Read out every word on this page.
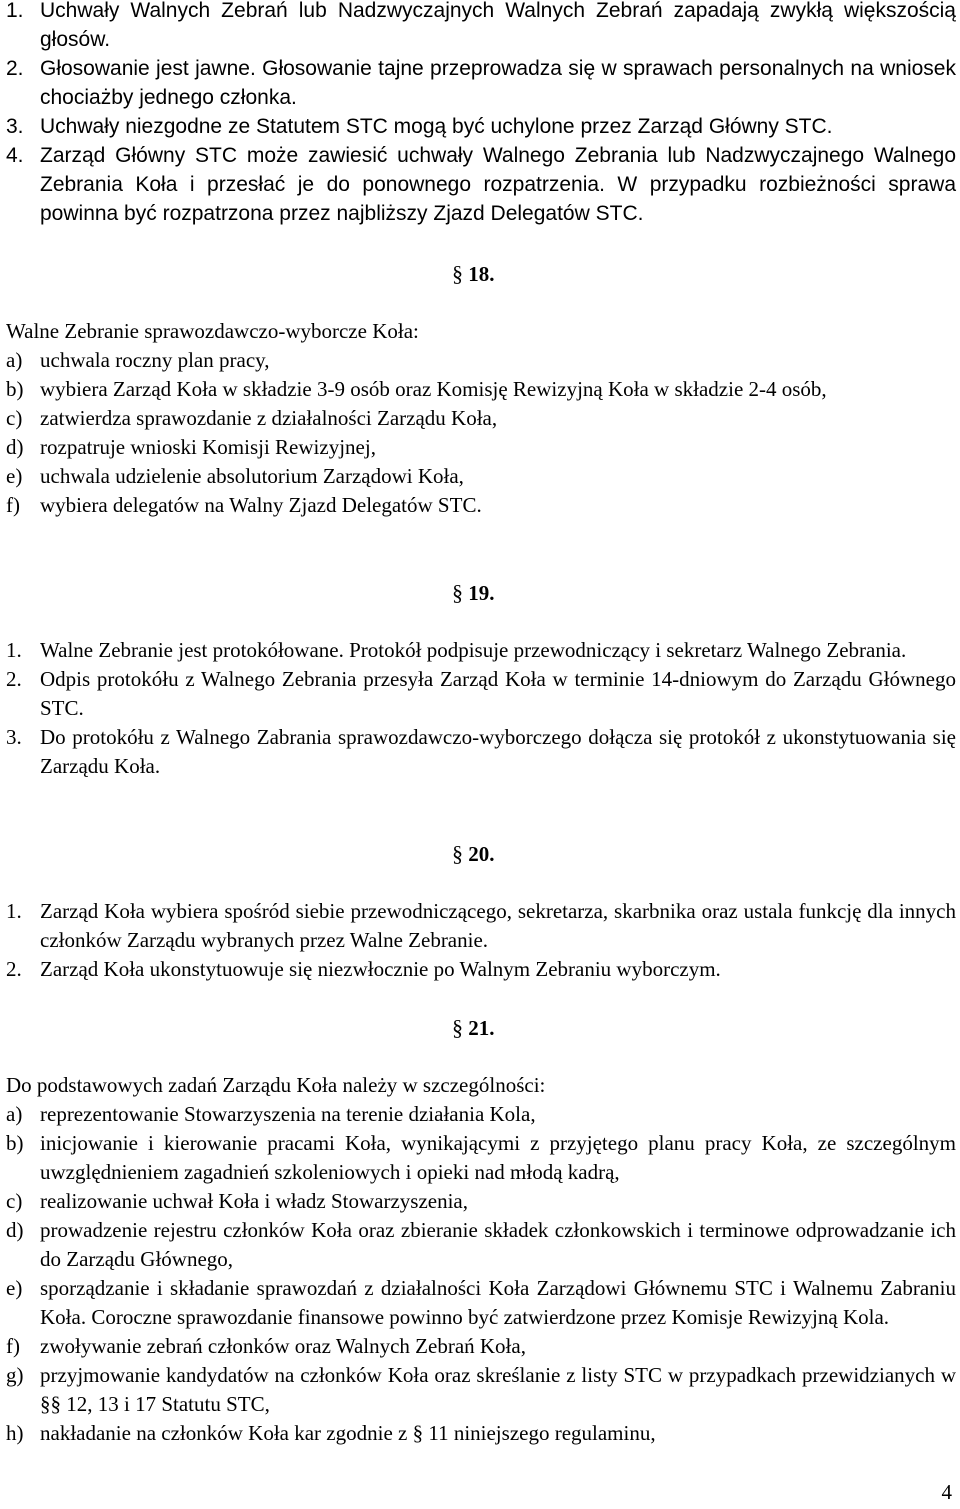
1. Uchwały Walnych Zebrań lub Nadzwyczajnych Walnych Zebrań zapadają zwykłą większością głosów.

2. Głosowanie jest jawne. Głosowanie tajne przeprowadza się w sprawach personalnych na wniosek chociażby jednego członka.

3. Uchwały niezgodne ze Statutem STC mogą być uchylone przez Zarząd Główny STC.

4. Zarząd Główny STC może zawiesić uchwały Walnego Zebrania lub Nadzwyczajnego Walnego Zebrania Koła i przesłać je do ponownego rozpatrzenia. W przypadku rozbieżności sprawa powinna być rozpatrzona przez najbliższy Zjazd Delegatów STC.

§ 18.

Walne Zebranie sprawozdawczo-wyborcze Koła:

a) uchwala roczny plan pracy,

b) wybiera Zarząd Koła w składzie 3-9 osób oraz Komisję Rewizyjną Koła w składzie 2-4 osób,

c) zatwierdza sprawozdanie z działalności Zarządu Koła,

d) rozpatruje wnioski Komisji Rewizyjnej,

e) uchwala udzielenie absolutorium Zarządowi Koła,

f) wybiera delegatów na Walny Zjazd Delegatów STC.

§ 19.

1. Walne Zebranie jest protokółowane. Protokół podpisuje przewodniczący i sekretarz Walnego Zebrania.

2. Odpis protokółu z Walnego Zebrania przesyła Zarząd Koła w terminie 14-dniowym do Zarządu Głównego STC.

3. Do protokółu z Walnego Zabrania sprawozdawczo-wyborczego dołącza się protokół z ukonstytuowania się Zarządu Koła.

§ 20.

1. Zarząd Koła wybiera spośród siebie przewodniczącego, sekretarza, skarbnika oraz ustala funkcję dla innych członków Zarządu wybranych przez Walne Zebranie.

2. Zarząd Koła ukonstytuowuje się niezwłocznie po Walnym Zebraniu wyborczym.

§ 21.

Do podstawowych zadań Zarządu Koła należy w szczególności:

a) reprezentowanie Stowarzyszenia na terenie działania Kola,

b) inicjowanie i kierowanie pracami Koła, wynikającymi z przyjętego planu pracy Koła, ze szczególnym uwzględnieniem zagadnień szkoleniowych i opieki nad młodą kadrą,

c) realizowanie uchwał Koła i władz Stowarzyszenia,

d) prowadzenie rejestru członków Koła oraz zbieranie składek członkowskich i terminowe odprowadzanie ich do Zarządu Głównego,

e) sporządzanie i składanie sprawozdań z działalności Koła Zarządowi Głównemu STC i Walnemu Zabraniu Koła. Coroczne sprawozdanie finansowe powinno być zatwierdzone przez Komisje Rewizyjną Kola.

f) zwoływanie zebrań członków oraz Walnych Zebrań Koła,

g) przyjmowanie kandydatów na członków Koła oraz skreślanie z listy STC w przypadkach przewidzianych w §§ 12, 13 i 17 Statutu STC,

h) nakładanie na członków Koła kar zgodnie z § 11 niniejszego regulaminu,

4
